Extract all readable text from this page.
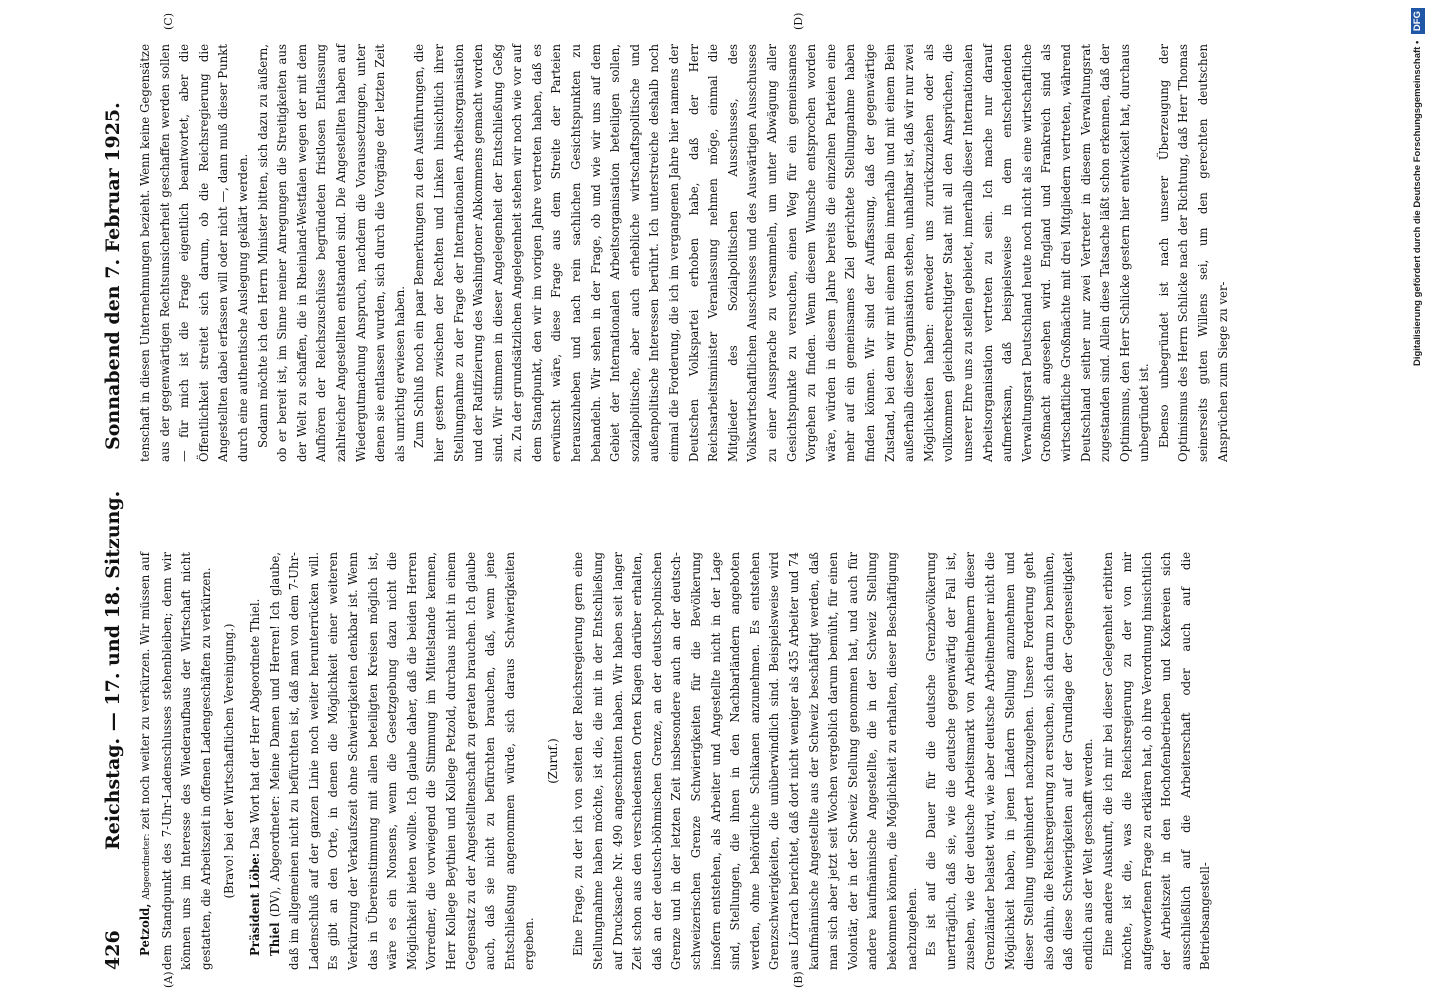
426
Reichstag. — 17. und 18. Sitzung.
Sonnabend den 7. Februar 1925.
(A)	(B)
(C)	(D)

Petzold, Abgeordneter: zeit noch weiter zu verkürzen. Wir müssen auf dem Standpunkt des 7-Uhr-Ladenschlusses stehenbleiben; denn wir können uns im Interesse des Wiederaufbaus der Wirtschaft nicht gestatten, die Arbeitszeit in offenen Ladengeschäften zu verkürzen. (Bravo! bei der Wirtschaftlichen Vereinigung.)

Präsident Löbe: Das Wort hat der Herr Abgeordnete Thiel.

Thiel (DV), Abgeordneter: Meine Damen und Herren! Ich glaube, daß im allgemeinen nicht zu befürchten ist, daß man von dem 7-Uhr-Ladenschluß auf der ganzen Linie noch weiter herunterrücken will. Es gibt an den Orte, in denen die Möglichkeit einer weiteren Verkürzung der Verkaufszeit ohne Schwierigkeiten denkbar ist. Wenn das in Übereinstimmung mit allen beteiligten Kreisen möglich ist, wäre es ein Nonsens, wenn die Gesetzgebung dazu nicht die Möglichkeit bieten wollte. Ich glaube daher, daß die beiden Herren Vorredner, die vorwiegend die Stimmung im Mittelstande kennen, Herr Kollege Beythien und Kollege Petzold, durchaus nicht in einem Gegensatz zu der Angestelltenschaft zu geraten brauchen. Ich glaube auch, daß sie nicht zu befürchten brauchen, daß, wenn jene Entschließung angenommen würde, sich daraus Schwierigkeiten ergeben.

(Zuruf.) Eine Frage, zu der ich von seiten der Reichsregierung gern eine Stellungnahme haben möchte, ist die, die mit in der Entschließung auf Drucksache Nr. 490 angeschnitten haben. Wir haben seit langer Zeit schon aus den verschiedensten Orten Klagen darüber erhalten, daß an der deutsch-böhmischen Grenze, an der deutsch-polnischen Grenze und in der letzten Zeit insbesondere auch an der deutsch-schweizerischen Grenze Schwierigkeiten für die Bevölkerung insofern entstehen, als Arbeiter und Angestellte nicht in der Lage sind, Stellungen, die ihnen in den Nachbarländern angeboten werden, ohne behördliche Schikanen anzunehmen. Es entstehen Grenzschwierigkeiten, die unüberwindlich sind. Beispielsweise wird aus Lörrach berichtet, daß dort nicht weniger als 435 Arbeiter und 74 kaufmännische Angestellte aus der Schweiz beschäftigt werden, daß man sich aber jetzt seit Wochen vergeblich darum bemüht, für einen Volontär, der in der Schweiz Stellung genommen hat, und auch für andere kaufmännische Angestellte, die in der Schweiz Stellung bekommen können, die Möglichkeit zu erhalten, dieser Beschäftigung nachzugehen. Es ist auf die Dauer für die deutsche Grenzbevölkerung unerträglich, daß sie, wie die deutsche gegenwärtig der Fall ist, zusehen, wie der deutsche Arbeitsmarkt von Arbeitnehmern dieser Grenzländer belastet wird, wie aber deutsche Arbeitnehmer nicht die Möglichkeit haben, in jenen Ländern Stellung anzunehmen und dieser Stellung ungehindert nachzugehen. Unsere Forderung geht also dahin, die Reichsregierung zu ersuchen, sich darum zu bemühen, daß diese Schwierigkeiten auf der Grundlage der Gegenseitigkeit endlich aus der Welt geschafft werden. Eine andere Auskunft, die ich mir bei dieser Gelegenheit erbitten möchte, ist die, was die Reichsregierung zu der von mir aufgeworfenen Frage zu erklären hat, ob ihre Verordnung hinsichtlich der Arbeitszeit in den Hochofenbetrieben und Kokereien sich ausschließlich auf die Arbeiterschaft oder auch auf die Betriebsangestell-

tenschaft in diesen Unternehmungen bezieht. Wenn keine Gegensätze aus der gegenwärtigen Rechtsunsicherheit geschaffen werden sollen — für mich ist die Frage eigentlich beantwortet, aber die Öffentlichkeit streitet sich darum, ob die Reichsregierung die Angestellten dabei erfassen will oder nicht —, dann muß dieser Punkt durch eine authentische Auslegung geklärt werden. Sodann möchte ich den Herrn Minister bitten, sich dazu zu äußern, ob er bereit ist, im Sinne meiner Anregungen die Streitigkeiten aus der Welt zu schaffen, die in Rheinland-Westfalen wegen der mit dem Aufhören der Reichszuschüsse begründeten fristlosen Entlassung zahlreicher Angestellten entstanden sind. Die Angestellten haben auf Wiedergutmachung Anspruch, nachdem die Voraussetzungen, unter denen sie entlassen wurden, sich durch die Vorgänge der letzten Zeit als unrichtig erwiesen haben. Zum Schluß noch ein paar Bemerkungen zu den Ausführungen, die hier gestern zwischen der Rechten und Linken hinsichtlich ihrer Stellungnahme zu der Frage der Internationalen Arbeitsorganisation und der Ratifizierung des Washingtoner Abkommens gemacht worden sind. Wir stimmen in dieser Angelegenheit der Entschließung Geßg zu. Zu der grundsätzlichen Angelegenheit stehen wir noch wie vor auf dem Standpunkt, den wir im vorigen Jahre vertreten haben, daß es erwünscht wäre, diese Frage aus dem Streite der Parteien herauszuheben und nach rein sachlichen Gesichtspunkten zu behandeln. Wir sehen in der Frage, ob und wie wir uns auf dem Gebiet der Internationalen Arbeitsorganisation beteiligen sollen, sozialpolitische, aber auch erhebliche wirtschaftspolitische und außenpolitische Interessen berührt. Ich unterstreiche deshalb noch einmal die Forderung, die ich im vergangenen Jahre hier namens der Deutschen Volkspartei erhoben habe, daß der Herr Reichsarbeitsminister Veranlassung nehmen möge, einmal die Mitglieder des Sozialpolitischen Ausschusses, des Volkswirtschaftlichen Ausschusses und des Auswärtigen Ausschusses zu einer Aussprache zu versammeln, um unter Abwägung aller Gesichtspunkte zu versuchen, einen Weg für ein gemeinsames Vorgehen zu finden. Wenn diesem Wunsche entsprochen worden wäre, würden in diesem Jahre bereits die einzelnen Parteien eine mehr auf ein gemeinsames Ziel gerichtete Stellungnahme haben finden können. Wir sind der Auffassung, daß der gegenwärtige Zustand, bei dem wir mit einem Bein innerhalb und mit einem Bein außerhalb dieser Organisation stehen, unhaltbar ist, daß wir nur zwei Möglichkeiten haben: entweder uns zurückzuziehen oder als vollkommen gleichberechtigter Staat mit all den Ansprüchen, die unserer Ehre uns zu stellen gebietet, innerhalb dieser Internationalen Arbeitsorganisation vertreten zu sein. Ich mache nur darauf aufmerksam, daß beispielsweise in dem entscheidenden Verwaltungsrat Deutschland heute noch nicht als eine wirtschaftliche Großmacht angesehen wird. England und Frankreich sind als wirtschaftliche Großmächte mit drei Mitgliedern vertreten, während Deutschland seither nur zwei Vertreter in diesem Verwaltungsrat zugestanden sind. Allein diese Tatsache läßt schon erkennen, daß der Optimismus, den Herr Schlicke gestern hier entwickelt hat, durchaus unbegründet ist. Ebenso unbegründet ist nach unserer Überzeugung der Optimismus des Herrn Schlicke nach der Richtung, daß Herr Thomas seinerseits guten Willens sei, um den gerechten deutschen Ansprüchen zum Siege zu ver-

Digitalisierung gefördert durch die Deutsche Forschungsgemeinschaft • DFG
